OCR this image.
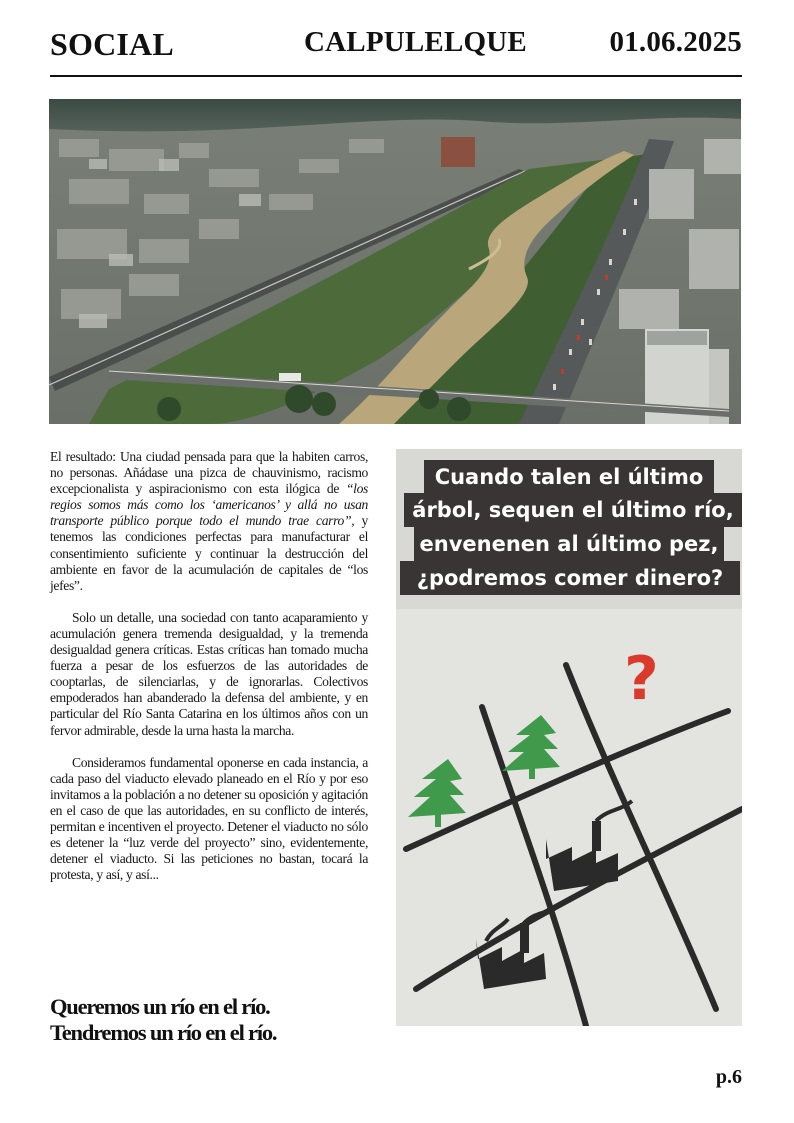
SOCIAL	CALPULELQUE	01.06.2025

El resultado: Una ciudad pensada para que la habiten carros, no personas. Añádase una pizca de chauvinismo, racismo excepcionalista y aspiracionismo con esta ilógica de “los regios somos más como los ‘americanos’ y allá no usan transporte público porque todo el mundo trae carro”, y tenemos las condiciones perfectas para manufacturar el consentimiento suficiente y continuar la destrucción del ambiente en favor de la acumulación de capitales de “los jefes”.

Solo un detalle, una sociedad con tanto acaparamiento y acumulación genera tremenda desigualdad, y la tremenda desigualdad genera críticas. Estas críticas han tomado mucha fuerza a pesar de los esfuerzos de las autoridades de cooptarlas, de silenciarlas, y de ignorarlas. Colectivos empoderados han abanderado la defensa del ambiente, y en particular del Río Santa Catarina en los últimos años con un fervor admirable, desde la urna hasta la marcha.

Consideramos fundamental oponerse en cada instancia, a cada paso del viaducto elevado planeado en el Río y por eso invitamos a la población a no detener su oposición y agitación en el caso de que las autoridades, en su conflicto de interés, permitan e incentiven el proyecto. Detener el viaducto no sólo es detener la “luz verde del proyecto” sino, evidentemente, detener el viaducto. Si las peticiones no bastan, tocará la protesta, y así, y así...

Queremos un río en el río.
Tendremos un río en el río.
?
Cuando talen el último
árbol, sequen el último río,
envenenen al último pez,
¿podremos comer dinero?
p.6
